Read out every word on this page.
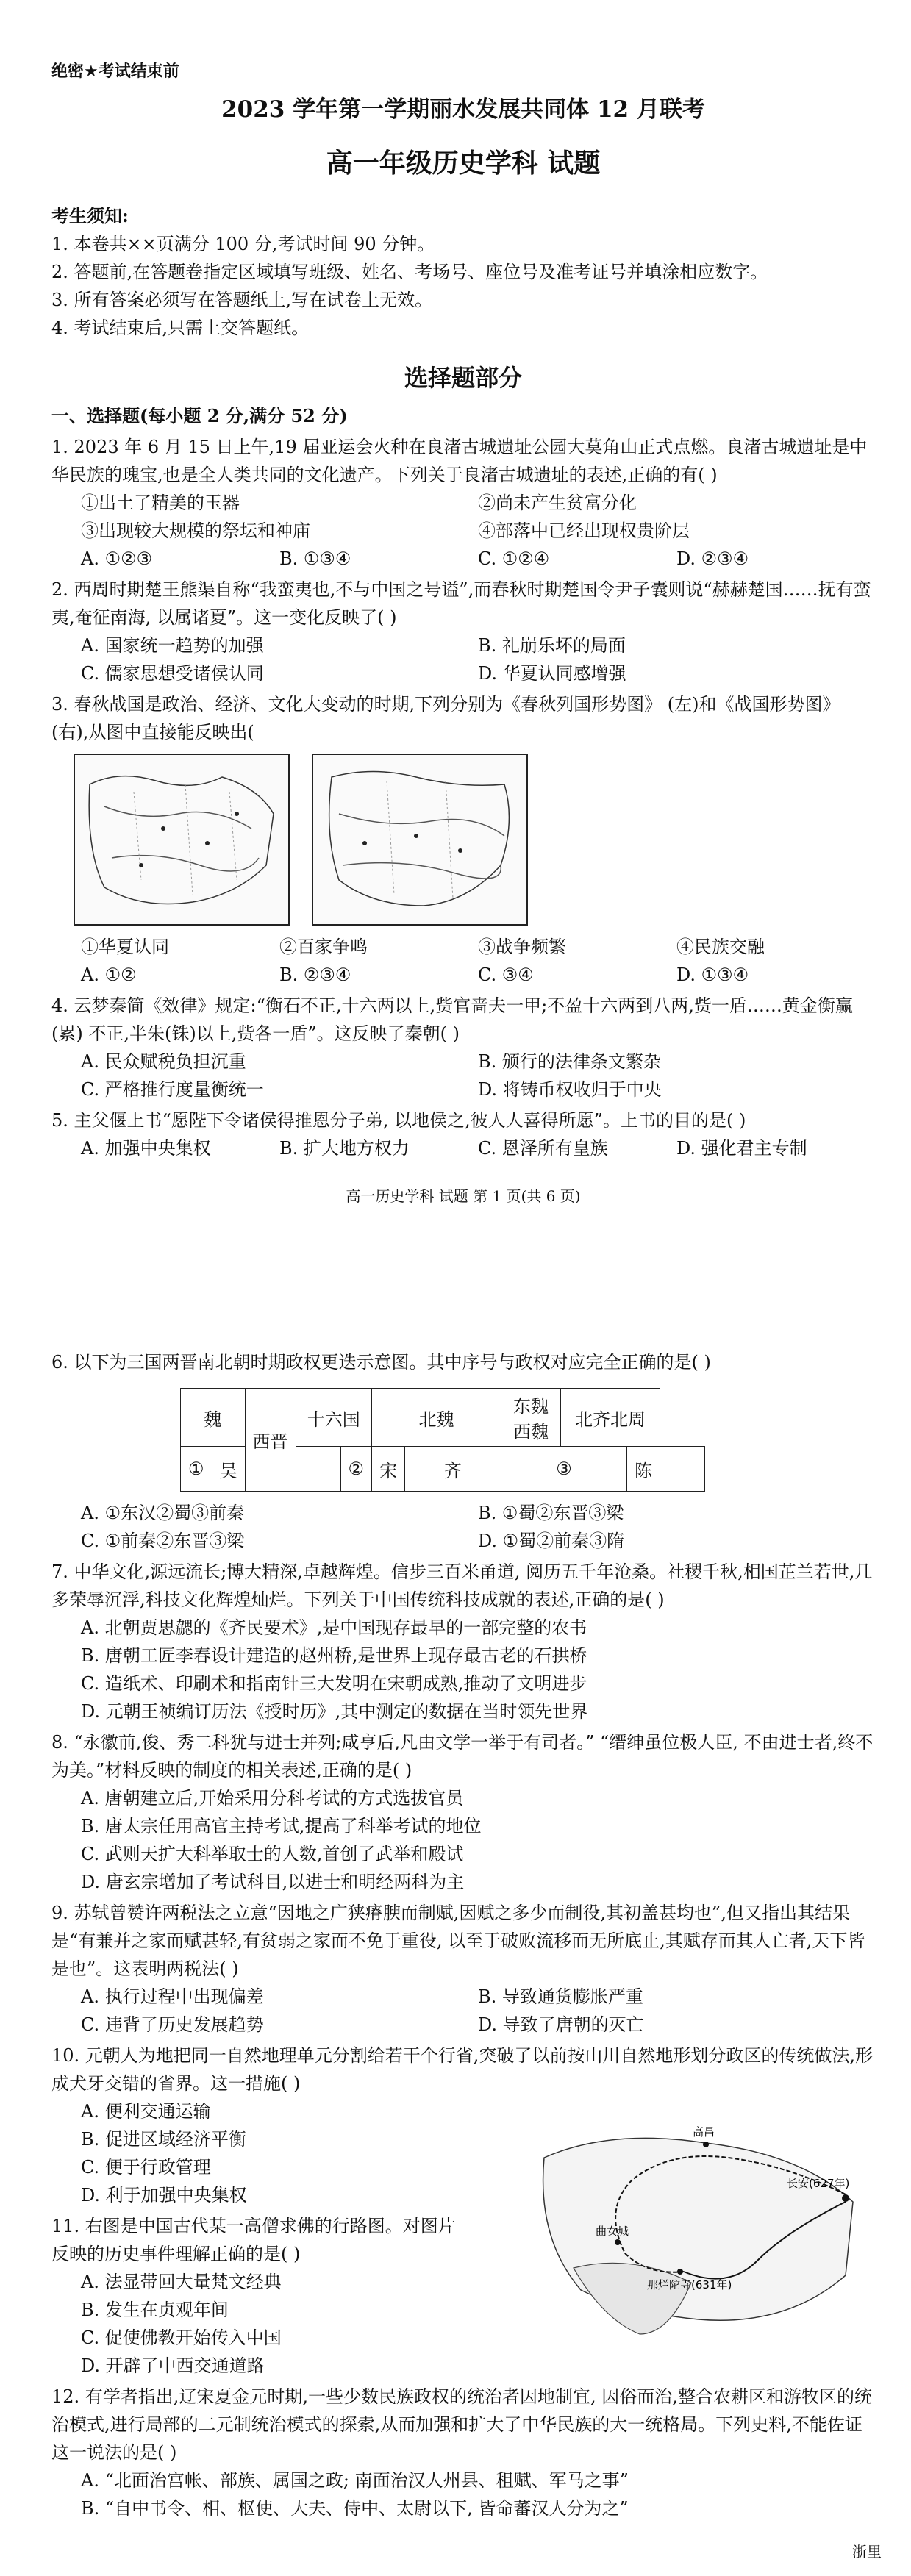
绝密★考试结束前

2023 学年第一学期丽水发展共同体 12 月联考

高一年级历史学科 试题

考生须知:

1. 本卷共××页满分 100 分,考试时间 90 分钟。

2. 答题前,在答题卷指定区域填写班级、姓名、考场号、座位号及准考证号并填涂相应数字。

3. 所有答案必须写在答题纸上,写在试卷上无效。

4. 考试结束后,只需上交答题纸。

选择题部分

一、选择题(每小题 2 分,满分 52 分)

1. 2023 年 6 月 15 日上午,19 届亚运会火种在良渚古城遗址公园大莫角山正式点燃。良渚古城遗址是中华民族的瑰宝,也是全人类共同的文化遗产。下列关于良渚古城遗址的表述,正确的有( )

①出土了精美的玉器	②尚未产生贫富分化

③出现较大规模的祭坛和神庙	④部落中已经出现权贵阶层

A. ①②③	B. ①③④	C. ①②④	D. ②③④

2. 西周时期楚王熊渠自称“我蛮夷也,不与中国之号谥”,而春秋时期楚国令尹子囊则说“赫赫楚国……抚有蛮夷,奄征南海, 以属诸夏”。这一变化反映了( )

A. 国家统一趋势的加强	B. 礼崩乐坏的局面

C. 儒家思想受诸侯认同	D. 华夏认同感增强

3. 春秋战国是政治、经济、文化大变动的时期,下列分别为《春秋列国形势图》 (左)和《战国形势图》(右),从图中直接能反映出(

①华夏认同	②百家争鸣	③战争频繁	④民族交融

A. ①②	B. ②③④	C. ③④	D. ①③④

4. 云梦秦简《效律》规定:“衡石不正,十六两以上,赀官啬夫一甲;不盈十六两到八两,赀一盾……黄金衡赢(累) 不正,半朱(铢)以上,赀各一盾”。这反映了秦朝( )

A. 民众赋税负担沉重	B. 颁行的法律条文繁杂

C. 严格推行度量衡统一	D. 将铸币权收归于中央

5. 主父偃上书“愿陛下令诸侯得推恩分子弟, 以地侯之,彼人人喜得所愿”。上书的目的是( )

A. 加强中央集权	B. 扩大地方权力	C. 恩泽所有皇族	D. 强化君主专制

高一历史学科 试题 第 1 页(共 6 页)

6. 以下为三国两晋南北朝时期政权更迭示意图。其中序号与政权对应完全正确的是( )

魏		西晋	十六国		北魏		东魏 西魏	北齐北周		
①	吴			②	宋	齐	③		陈	

A. ①东汉②蜀③前秦	B. ①蜀②东晋③梁

C. ①前秦②东晋③梁	D. ①蜀②前秦③隋

7. 中华文化,源远流长;博大精深,卓越辉煌。信步三百米甬道, 阅历五千年沧桑。社稷千秋,相国芷兰若世,几多荣辱沉浮,科技文化辉煌灿烂。下列关于中国传统科技成就的表述,正确的是( )

A. 北朝贾思勰的《齐民要术》,是中国现存最早的一部完整的农书

B. 唐朝工匠李春设计建造的赵州桥,是世界上现存最古老的石拱桥

C. 造纸术、印刷术和指南针三大发明在宋朝成熟,推动了文明进步

D. 元朝王祯编订历法《授时历》,其中测定的数据在当时领先世界

8. “永徽前,俊、秀二科犹与进士并列;咸亨后,凡由文学一举于有司者。” “缙绅虽位极人臣, 不由进士者,终不为美。”材料反映的制度的相关表述,正确的是( )

A. 唐朝建立后,开始采用分科考试的方式选拔官员

B. 唐太宗任用高官主持考试,提高了科举考试的地位

C. 武则天扩大科举取士的人数,首创了武举和殿试

D. 唐玄宗增加了考试科目,以进士和明经两科为主

9. 苏轼曾赞许两税法之立意“因地之广狭瘠腴而制赋,因赋之多少而制役,其初盖甚均也”,但又指出其结果是“有兼并之家而赋甚轻,有贫弱之家而不免于重役, 以至于破败流移而无所底止,其赋存而其人亡者,天下皆是也”。这表明两税法( )

A. 执行过程中出现偏差	B. 导致通货膨胀严重

C. 违背了历史发展趋势	D. 导致了唐朝的灭亡

10. 元朝人为地把同一自然地理单元分割给若干个行省,突破了以前按山川自然地形划分政区的传统做法,形成犬牙交错的省界。这一措施( )

A. 便利交通运输

B. 促进区域经济平衡

C. 便于行政管理

D. 利于加强中央集权

11. 右图是中国古代某一高僧求佛的行路图。对图片反映的历史事件理解正确的是( )

A. 法显带回大量梵文经典

B. 发生在贞观年间

C. 促使佛教开始传入中国

D. 开辟了中西交通道路

12. 有学者指出,辽宋夏金元时期,一些少数民族政权的统治者因地制宜, 因俗而治,整合农耕区和游牧区的统治模式,进行局部的二元制统治模式的探索,从而加强和扩大了中华民族的大一统格局。下列史料,不能佐证这一说法的是( )

A. “北面治宫帐、部族、属国之政; 南面治汉人州县、租赋、军马之事”

B. “自中书令、相、枢使、大夫、侍中、太尉以下, 皆命蕃汉人分为之”

高昌
长安(627年)
曲女城
那烂陀寺(631年)
浙里
